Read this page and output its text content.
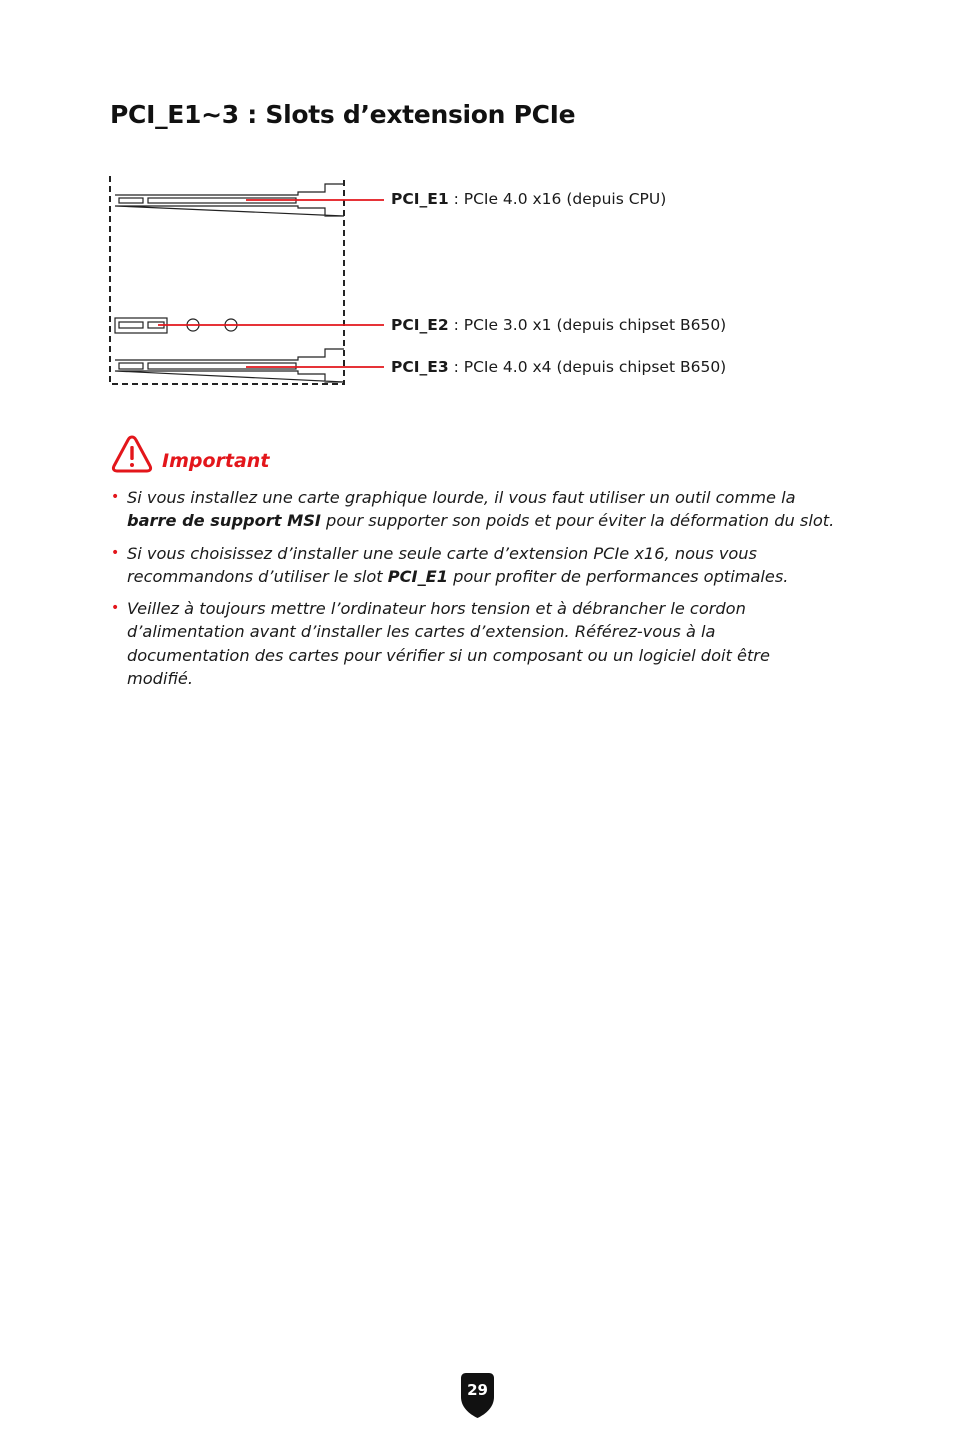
PCI_E1~3 : Slots d’extension PCIe
PCI_E1 : PCIe 4.0 x16 (depuis CPU)
PCI_E2 : PCIe 3.0 x1 (depuis chipset B650)
PCI_E3 : PCIe 4.0 x4 (depuis chipset B650)
Important
• Si vous installez une carte graphique lourde, il vous faut utiliser un outil comme la barre de support MSI pour supporter son poids et pour éviter la déformation du slot.
• Si vous choisissez d’installer une seule carte d’extension PCIe x16, nous vous recommandons d’utiliser le slot PCI_E1 pour profiter de performances optimales.
• Veillez à toujours mettre l’ordinateur hors tension et à débrancher le cordon d’alimentation avant d’installer les cartes d’extension. Référez-vous à la documentation des cartes pour vérifier si un composant ou un logiciel doit être modifié.
29
